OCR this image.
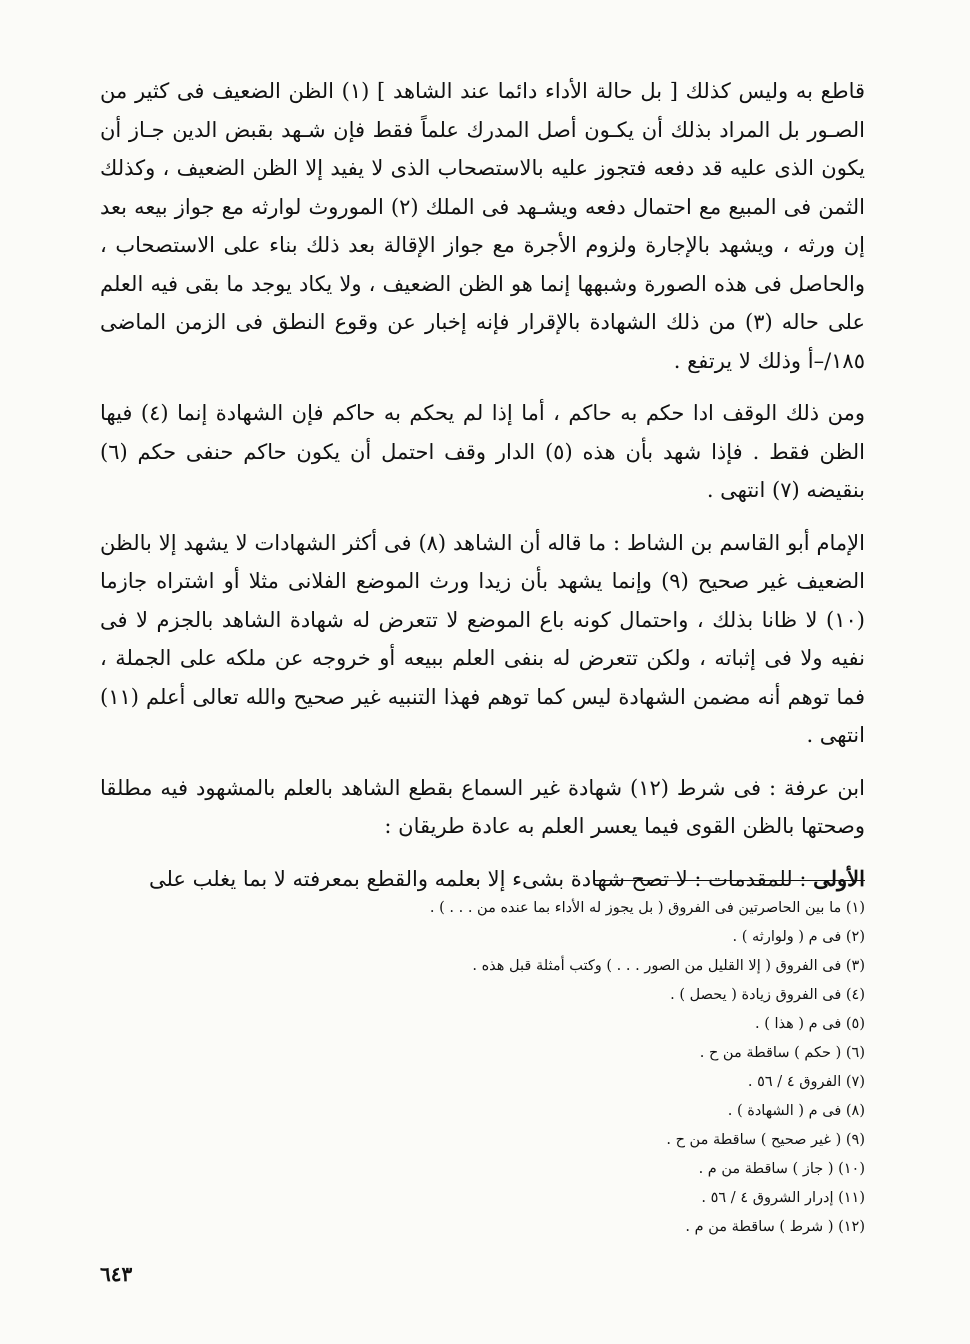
قاطع به وليس كذلك [ بل حالة الأداء دائما عند الشاهد ] (١) الظن الضعيف فى كثير من الصـور بل المراد بذلك أن يكـون أصل المدرك علماً فقط فإن شـهد بقبض الدين جـاز أن يكون الذى عليه قد دفعه فتجوز عليه بالاستصحاب الذى لا يفيد إلا الظن الضعيف ، وكذلك الثمن فى المبيع مع احتمال دفعه ويشـهد فى الملك (٢) الموروث لوارثه مع جواز بيعه بعد إن ورثه ، ويشهد بالإجارة ولزوم الأجرة مع جواز الإقالة بعد ذلك بناء على الاستصحاب ، والحاصل فى هذه الصورة وشبهها إنما هو الظن الضعيف ، ولا يكاد يوجد ما بقى فيه العلم على حاله (٣) من ذلك الشهادة بالإقرار فإنه إخبار عن وقوع النطق فى الزمن الماضى ١٨٥/–أ وذلك لا يرتفع .

ومن ذلك الوقف ادا حكم به حاكم ، أما إذا لم يحكم به حاكم فإن الشهادة إنما (٤) فيها الظن فقط . فإذا شهد بأن هذه (٥) الدار وقف احتمل أن يكون حاكم حنفى حكم (٦) بنقيضه (٧) انتهى .

الإمام أبو القاسم بن الشاط : ما قاله أن الشاهد (٨) فى أكثر الشهادات لا يشهد إلا بالظن الضعيف غير صحيح (٩) وإنما يشهد بأن زيدا ورث الموضع الفلانى مثلا أو اشتراه جازما (١٠) لا ظانا بذلك ، واحتمال كونه باع الموضع لا تتعرض له شهادة الشاهد بالجزم لا فى نفيه ولا فى إثباته ، ولكن تتعرض له بنفى العلم ببيعه أو خروجه عن ملكه على الجملة ، فما توهم أنه مضمن الشهادة ليس كما توهم فهذا التنبيه غير صحيح والله تعالى أعلم (١١) انتهى .

ابن عرفة : فى شرط (١٢) شهادة غير السماع بقطع الشاهد بالعلم بالمشهود فيه مطلقا وصحتها بالظن القوى فيما يعسر العلم به عادة طريقان :

الأولى : للمقدمات : لا تصح شهادة بشىء إلا بعلمه والقطع بمعرفته لا بما يغلب على

(١) ما بين الحاصرتين فى الفروق ( بل يجوز له الأداء بما عنده من . . . ) .
(٢) فى م ( ولوارثه ) .
(٣) فى الفروق ( إلا القليل من الصور . . . ) وكتب أمثلة قبل هذه .
(٤) فى الفروق زيادة ( يحصل ) .
(٥) فى م ( هذا ) .
(٦) ( حكم ) ساقطة من ح .
(٧) الفروق ٤ / ٥٦ .
(٨) فى م ( الشهادة ) .
(٩) ( غير صحيح ) ساقطة من ح .
(١٠) ( جاز ) ساقطة من م .
(١١) إدرار الشروق ٤ / ٥٦ .
(١٢) ( شرط ) ساقطة من م .
٦٤٣
